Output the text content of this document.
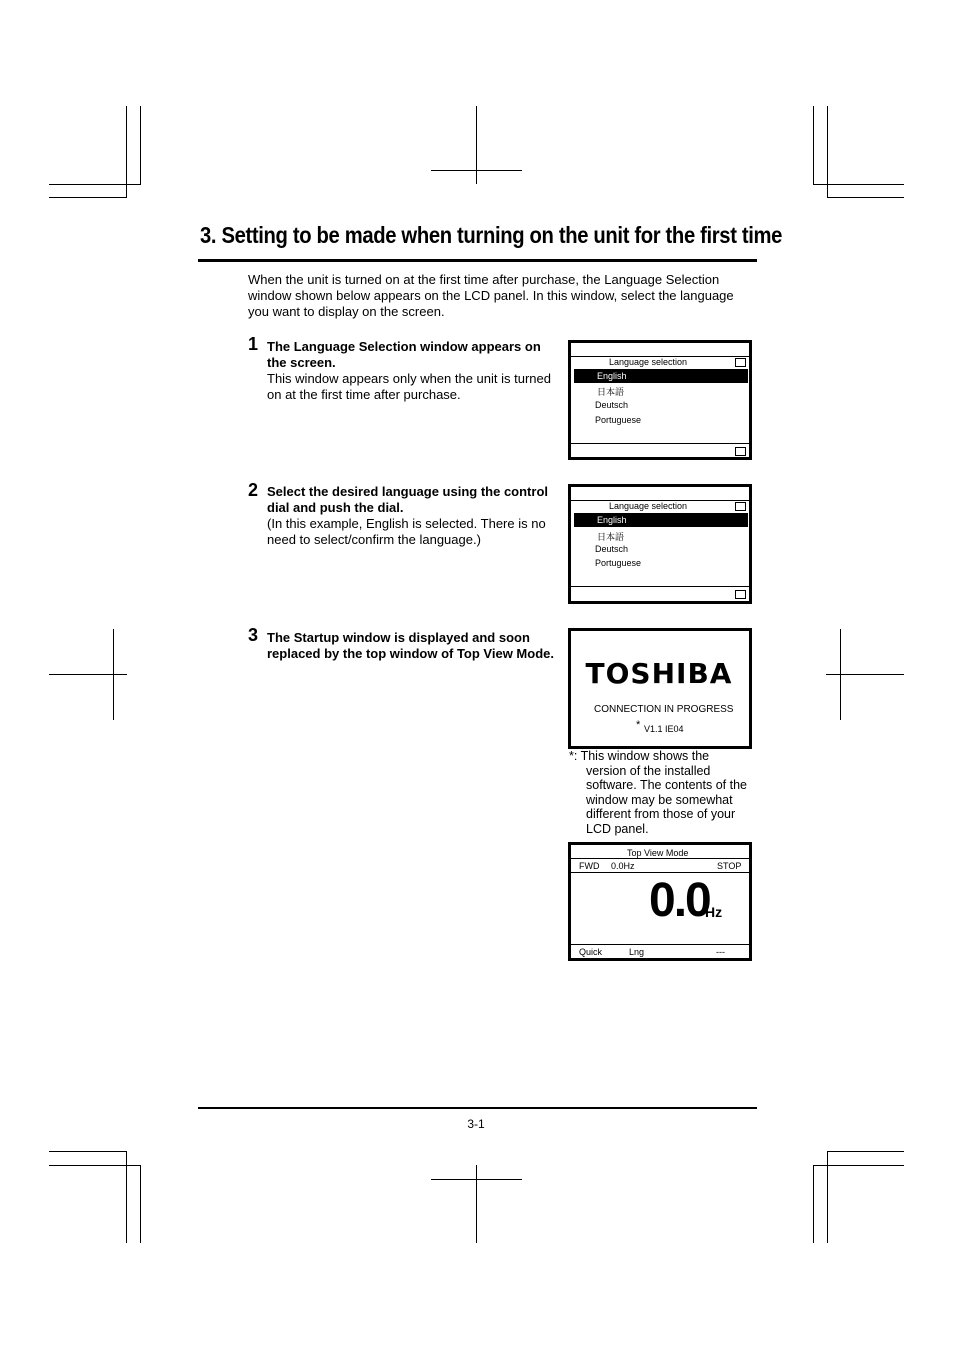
3. Setting to be made when turning on the unit for the first time
When the unit is turned on at the first time after purchase, the Language Selection window shown below appears on the LCD panel. In this window, select the language you want to display on the screen.
1 The Language Selection window appears on the screen.
This window appears only when the unit is turned on at the first time after purchase.
Language selection
English
日本語
Deutsch
Portuguese
2 Select the desired language using the control dial and push the dial.
(In this example, English is selected. There is no need to select/confirm the language.)
Language selection
English
日本語
Deutsch
Portuguese
3 The Startup window is displayed and soon replaced by the top window of Top View Mode.
TOSHIBA
CONNECTION IN PROGRESS
* V1.1 IE04
*: This window shows the
version of the installed software. The contents of the window may be somewhat different from those of your LCD panel.
Top View Mode
FWD 0.0Hz	STOP
0.0
Hz
Quick	Lng	---
3-1
